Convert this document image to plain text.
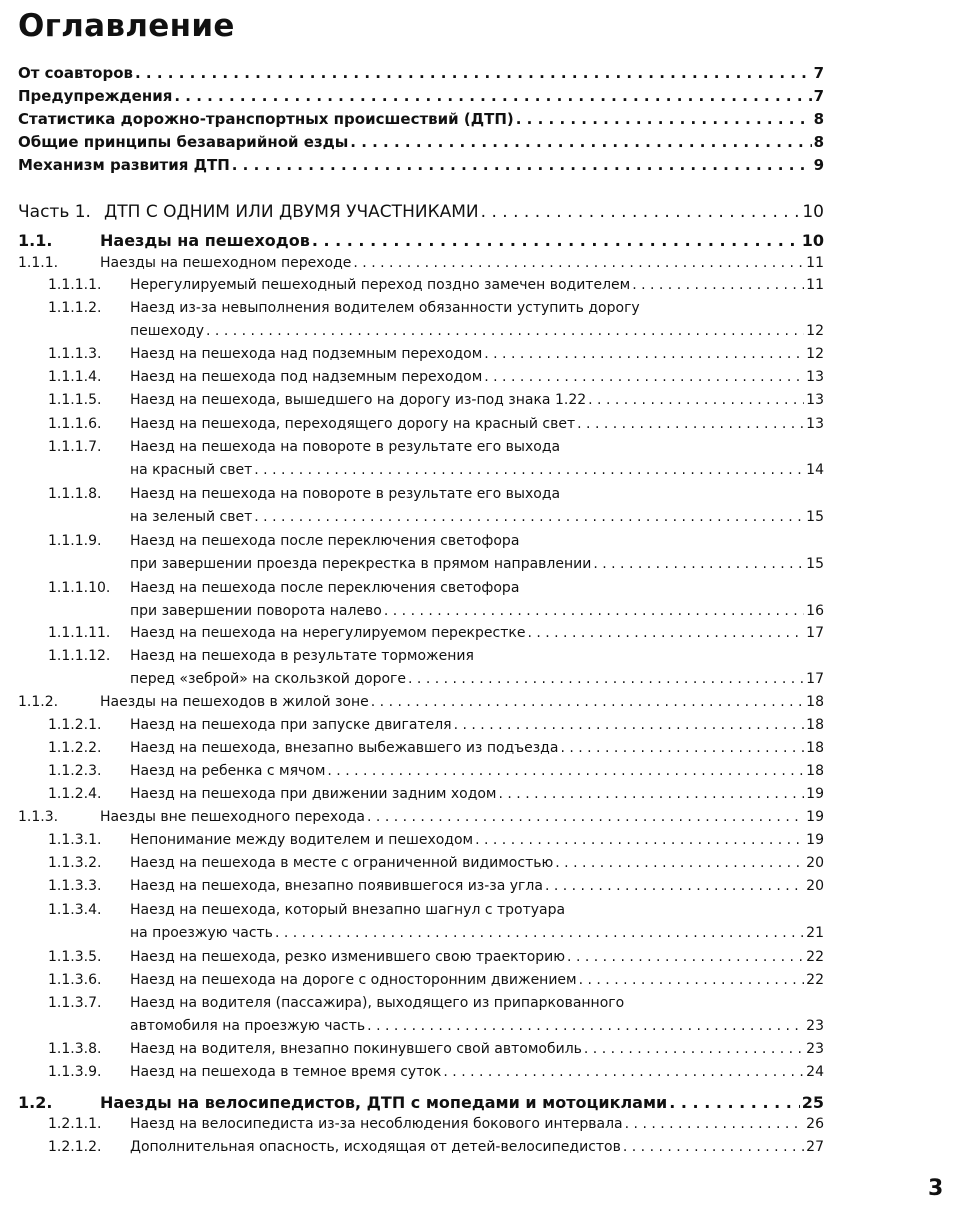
Оглавление
От соавторов . . .	7
Предупреждения . . .	7
Статистика дорожно-транспортных происшествий (ДТП) . . .	8
Общие принципы безаварийной езды . . .	8
Механизм развития ДТП . . .	9
Часть 1. ДТП С ОДНИМ ИЛИ ДВУМЯ УЧАСТНИКАМИ . . .	10
1.1.	Наезды на пешеходов . . .	10
1.1.1.	Наезды на пешеходном переходе . . .	11
1.1.1.1. Нерегулируемый пешеходный переход поздно замечен водителем . . .	11
1.1.1.2. Наезд из-за невыполнения водителем обязанности уступить дорогу
пешеходу . . .	12
1.1.1.3. Наезд на пешехода над подземным переходом . . .	12
1.1.1.4. Наезд на пешехода под надземным переходом . . .	13
1.1.1.5. Наезд на пешехода, вышедшего на дорогу из-под знака 1.22 . . .	13
1.1.1.6. Наезд на пешехода, переходящего дорогу на красный свет . . .	13
1.1.1.7. Наезд на пешехода на повороте в результате его выхода
на красный свет . . .	14
1.1.1.8. Наезд на пешехода на повороте в результате его выхода
на зеленый свет . . .	15
1.1.1.9. Наезд на пешехода после переключения светофора
при завершении проезда перекрестка в прямом направлении . . .	15
1.1.1.10. Наезд на пешехода после переключения светофора
при завершении поворота налево . . .	16
1.1.1.11. Наезд на пешехода на нерегулируемом перекрестке . . .	17
1.1.1.12. Наезд на пешехода в результате торможения
перед «зеброй» на скользкой дороге . . .	17
1.1.2.	Наезды на пешеходов в жилой зоне . . .	18
1.1.2.1. Наезд на пешехода при запуске двигателя . . .	18
1.1.2.2. Наезд на пешехода, внезапно выбежавшего из подъезда . . .	18
1.1.2.3. Наезд на ребенка с мячом . . .	18
1.1.2.4. Наезд на пешехода при движении задним ходом . . .	19
1.1.3.	Наезды вне пешеходного перехода . . .	19
1.1.3.1. Непонимание между водителем и пешеходом . . .	19
1.1.3.2. Наезд на пешехода в месте с ограниченной видимостью . . .	20
1.1.3.3. Наезд на пешехода, внезапно появившегося из-за угла . . .	20
1.1.3.4. Наезд на пешехода, который внезапно шагнул с тротуара
на проезжую часть . . .	21
1.1.3.5. Наезд на пешехода, резко изменившего свою траекторию . . .	22
1.1.3.6. Наезд на пешехода на дороге с односторонним движением . . .	22
1.1.3.7. Наезд на водителя (пассажира), выходящего из припаркованного
автомобиля на проезжую часть . . .	23
1.1.3.8. Наезд на водителя, внезапно покинувшего свой автомобиль . . .	23
1.1.3.9. Наезд на пешехода в темное время суток . . .	24
1.2.	Наезды на велосипедистов, ДТП с мопедами и мотоциклами . . .	25
1.2.1.1. Наезд на велосипедиста из-за несоблюдения бокового интервала . . .	26
1.2.1.2. Дополнительная опасность, исходящая от детей-велосипедистов . . .	27
3
